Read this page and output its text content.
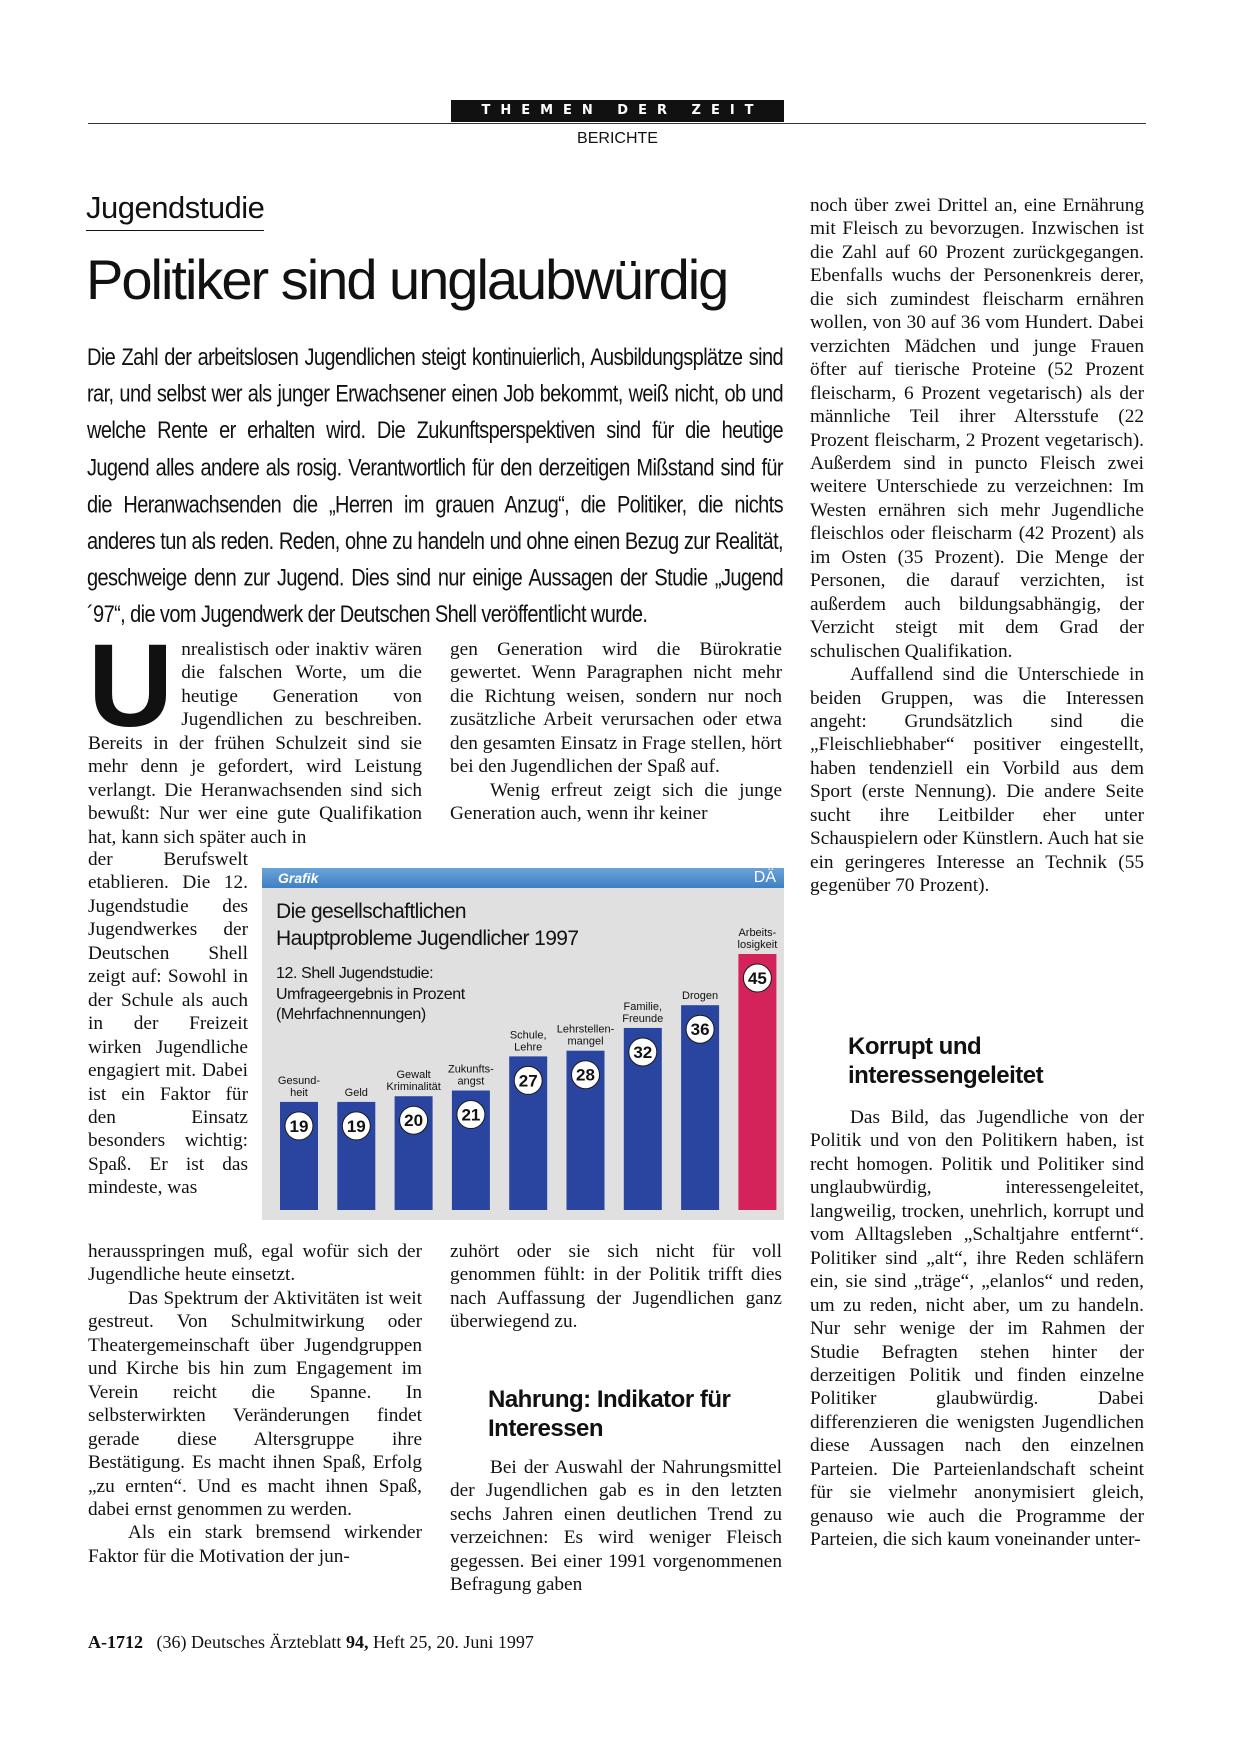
THEMEN DER ZEIT
BERICHTE
Jugendstudie
Politiker sind unglaubwürdig

Die Zahl der arbeitslosen Jugendlichen steigt kontinuierlich, Ausbildungsplätze sind rar, und selbst wer als junger Erwachsener einen Job bekommt, weiß nicht, ob und welche Rente er erhalten wird. Die Zukunftsperspektiven sind für die heutige Jugend alles andere als rosig. Verantwortlich für den derzeitigen Mißstand sind für die Heranwachsenden die „Herren im grauen Anzug“, die Politiker, die nichts anderes tun als reden. Reden, ohne zu handeln und ohne einen Bezug zur Realität, geschweige denn zur Jugend. Dies sind nur einige Aussagen der Studie „Jugend ´97“, die vom Jugendwerk der Deutschen Shell veröffentlicht wurde.

U nrealistisch oder inaktiv wären die falschen Worte, um die heutige Generation von Jugendlichen zu beschreiben. Bereits in der frühen Schulzeit sind sie mehr denn je gefordert, wird Leistung verlangt. Die Heranwachsenden sind sich bewußt: Nur wer eine gute Qualifikation hat, kann sich später auch in

der Berufswelt etablieren. Die 12. Jugendstudie des Jugendwerkes der Deutschen Shell zeigt auf: Sowohl in der Schule als auch in der Freizeit wirken Jugendliche engagiert mit. Dabei ist ein Faktor für den Einsatz besonders wichtig: Spaß. Er ist das mindeste, was

herausspringen muß, egal wofür sich der Jugendliche heute einsetzt.

Das Spektrum der Aktivitäten ist weit gestreut. Von Schulmitwirkung oder Theatergemeinschaft über Jugendgruppen und Kirche bis hin zum Engagement im Verein reicht die Spanne. In selbsterwirkten Veränderungen findet gerade diese Altersgruppe ihre Bestätigung. Es macht ihnen Spaß, Erfolg „zu ernten“. Und es macht ihnen Spaß, dabei ernst genommen zu werden.

Als ein stark bremsend wirkender Faktor für die Motivation der jun-

gen Generation wird die Bürokratie gewertet. Wenn Paragraphen nicht mehr die Richtung weisen, sondern nur noch zusätzliche Arbeit verursachen oder etwa den gesamten Einsatz in Frage stellen, hört bei den Jugendlichen der Spaß auf.

Wenig erfreut zeigt sich die junge Generation auch, wenn ihr keiner

zuhört oder sie sich nicht für voll genommen fühlt: in der Politik trifft dies nach Auffassung der Jugendlichen ganz überwiegend zu.

Nahrung: Indikator für Interessen

Bei der Auswahl der Nahrungsmittel der Jugendlichen gab es in den letzten sechs Jahren einen deutlichen Trend zu verzeichnen: Es wird weniger Fleisch gegessen. Bei einer 1991 vorgenommenen Befragung gaben

noch über zwei Drittel an, eine Ernährung mit Fleisch zu bevorzugen. Inzwischen ist die Zahl auf 60 Prozent zurückgegangen. Ebenfalls wuchs der Personenkreis derer, die sich zumindest fleischarm ernähren wollen, von 30 auf 36 vom Hundert. Dabei verzichten Mädchen und junge Frauen öfter auf tierische Proteine (52 Prozent fleischarm, 6 Prozent vegetarisch) als der männliche Teil ihrer Altersstufe (22 Prozent fleischarm, 2 Prozent vegetarisch). Außerdem sind in puncto Fleisch zwei weitere Unterschiede zu verzeichnen: Im Westen ernähren sich mehr Jugendliche fleischlos oder fleischarm (42 Prozent) als im Osten (35 Prozent). Die Menge der Personen, die darauf verzichten, ist außerdem auch bildungsabhängig, der Verzicht steigt mit dem Grad der schulischen Qualifikation.

Auffallend sind die Unterschiede in beiden Gruppen, was die Interessen angeht: Grundsätzlich sind die „Fleischliebhaber“ positiver eingestellt, haben tendenziell ein Vorbild aus dem Sport (erste Nennung). Die andere Seite sucht ihre Leitbilder eher unter Schauspielern oder Künstlern. Auch hat sie ein geringeres Interesse an Technik (55 gegenüber 70 Prozent).

Korrupt und interessengeleitet

Das Bild, das Jugendliche von der Politik und von den Politikern haben, ist recht homogen. Politik und Politiker sind unglaubwürdig, interessengeleitet, langweilig, trocken, unehrlich, korrupt und vom Alltagsleben „Schaltjahre entfernt“. Politiker sind „alt“, ihre Reden schläfern ein, sie sind „träge“, „elanlos“ und reden, um zu reden, nicht aber, um zu handeln. Nur sehr wenige der im Rahmen der Studie Befragten stehen hinter der derzeitigen Politik und finden einzelne Politiker glaubwürdig. Dabei differenzieren die wenigsten Jugendlichen diese Aussagen nach den einzelnen Parteien. Die Parteienlandschaft scheint für sie vielmehr anonymisiert gleich, genauso wie auch die Programme der Parteien, die sich kaum voneinander unter-

Grafik	DÄ
Die gesellschaftlichen Hauptprobleme Jugendlicher 1997
12. Shell Jugendstudie: Umfrageergebnis in Prozent (Mehrfachnennungen)
19
Gesund-
heit
19
Geld
20
Gewalt
Kriminalität
21
Zukunfts-
angst 27
Schule,
Lehre
28
Lehrstellen-
mangel
32
Familie,
Freunde
36
Drogen
45
Arbeits-
losigkeit
A-1712 (36) Deutsches Ärzteblatt 94, Heft 25, 20. Juni 1997
